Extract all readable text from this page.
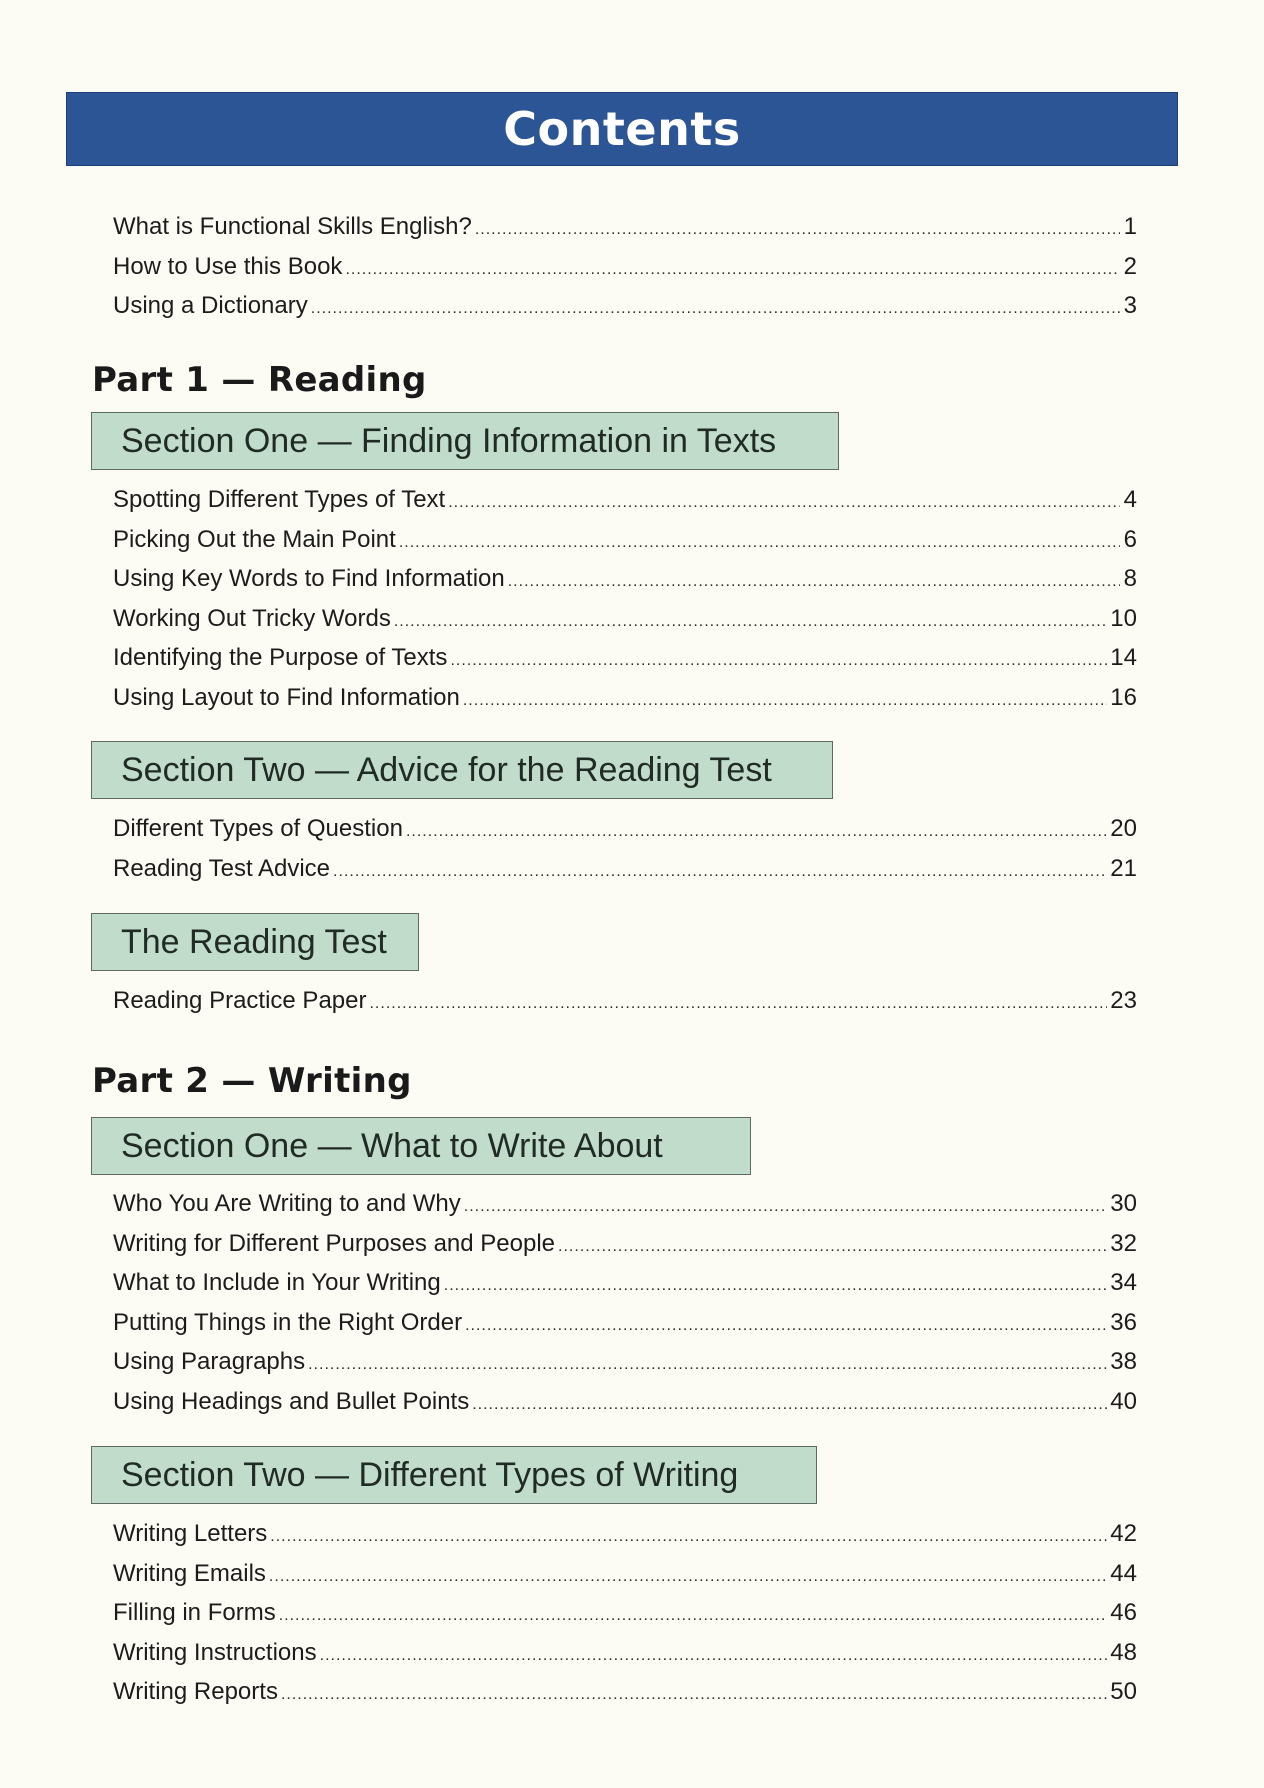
Contents
What is Functional Skills English? .....	1
How to Use this Book .....	2
Using a Dictionary .....	3
Part 1 — Reading
Section One — Finding Information in Texts
Spotting Different Types of Text .....	4
Picking Out the Main Point .....	6
Using Key Words to Find Information .....	8
Working Out Tricky Words .....	10
Identifying the Purpose of Texts .....	14
Using Layout to Find Information .....	16
Section Two — Advice for the Reading Test
Different Types of Question .....	20
Reading Test Advice .....	21
The Reading Test
Reading Practice Paper .....	23
Part 2 — Writing
Section One — What to Write About
Who You Are Writing to and Why .....	30
Writing for Different Purposes and People .....	32
What to Include in Your Writing .....	34
Putting Things in the Right Order .....	36
Using Paragraphs .....	38
Using Headings and Bullet Points .....	40
Section Two — Different Types of Writing
Writing Letters .....	42
Writing Emails .....	44
Filling in Forms .....	46
Writing Instructions .....	48
Writing Reports .....	50
